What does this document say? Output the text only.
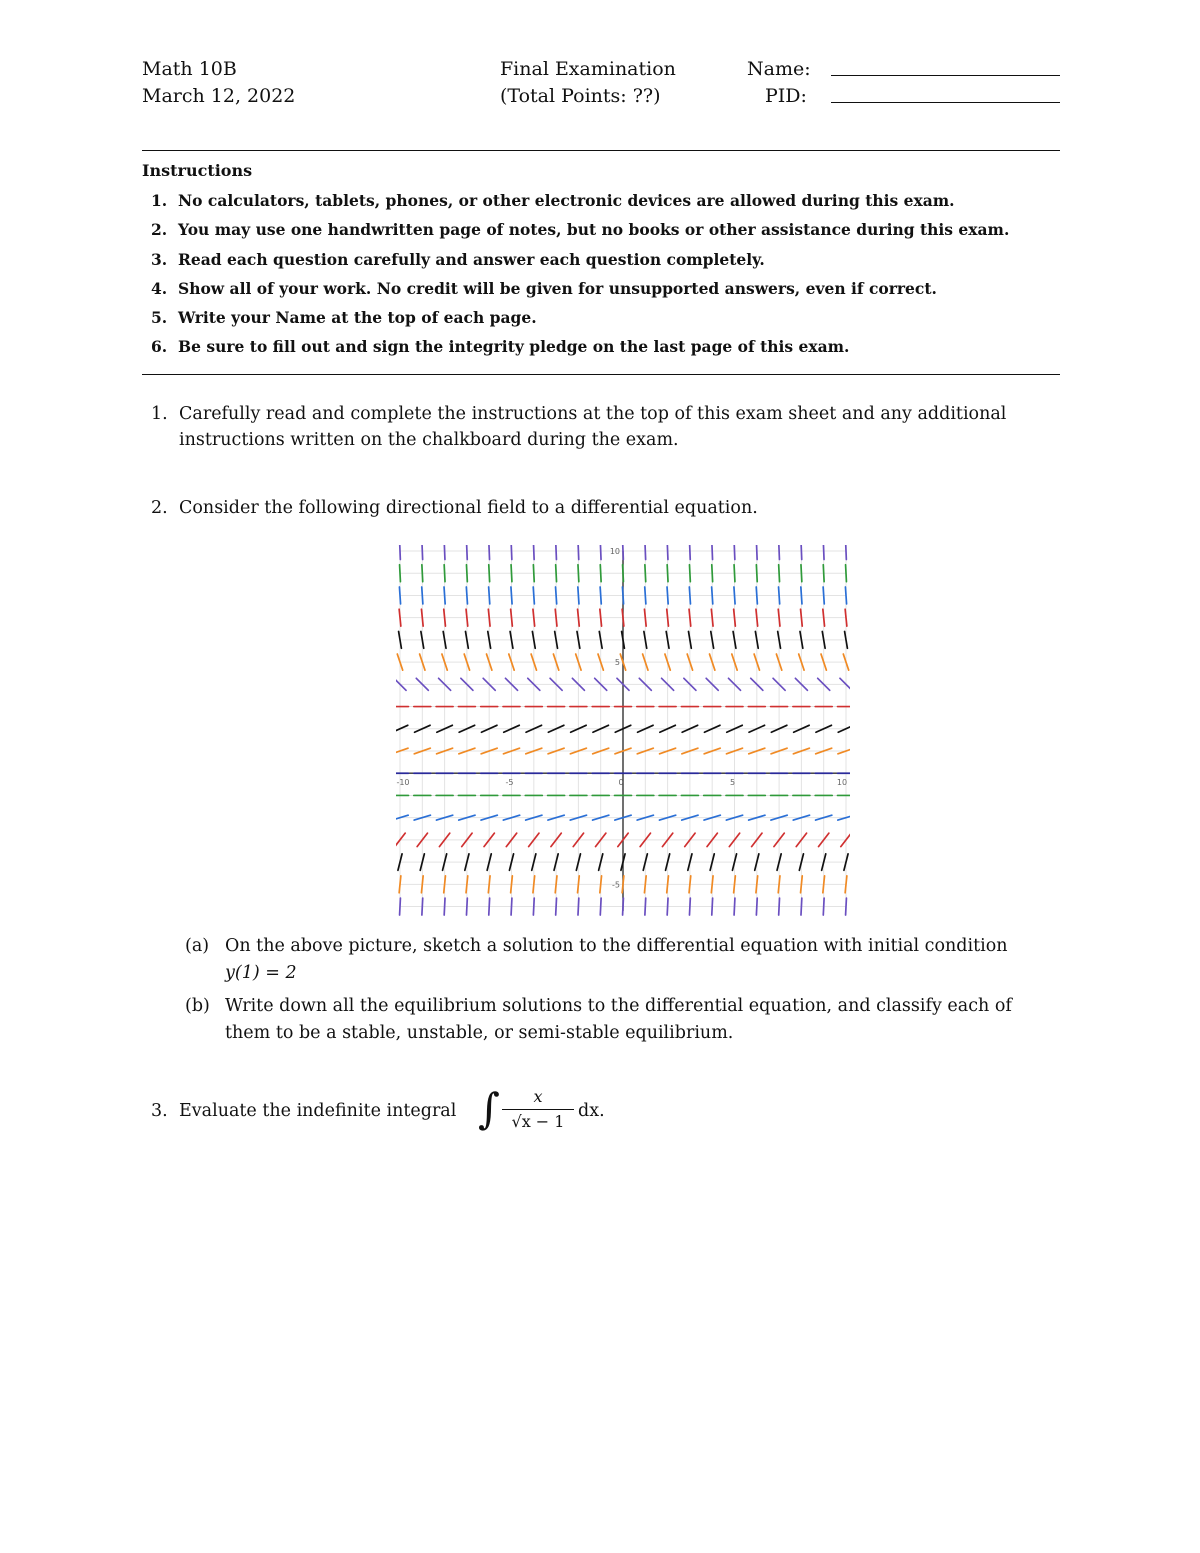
Math 10B	Final Examination	Name:
March 12, 2022	(Total Points: ??)	PID:
Instructions
1. No calculators, tablets, phones, or other electronic devices are allowed during this exam.
2. You may use one handwritten page of notes, but no books or other assistance during this exam.
3. Read each question carefully and answer each question completely.
4. Show all of your work. No credit will be given for unsupported answers, even if correct.
5. Write your Name at the top of each page.
6. Be sure to fill out and sign the integrity pledge on the last page of this exam.
1. Carefully read and complete the instructions at the top of this exam sheet and any additional instructions written on the chalkboard during the exam.
2. Consider the following directional field to a differential equation.
(a) On the above picture, sketch a solution to the differential equation with initial condition
y(1) = 2
(b) Write down all the equilibrium solutions to the differential equation, and classify each of them to be a stable, unstable, or semi-stable equilibrium.
3. Evaluate the indefinite integral ∫	x
√x − 1
dx.
-10	-5	0	5	10
10
5
-5
